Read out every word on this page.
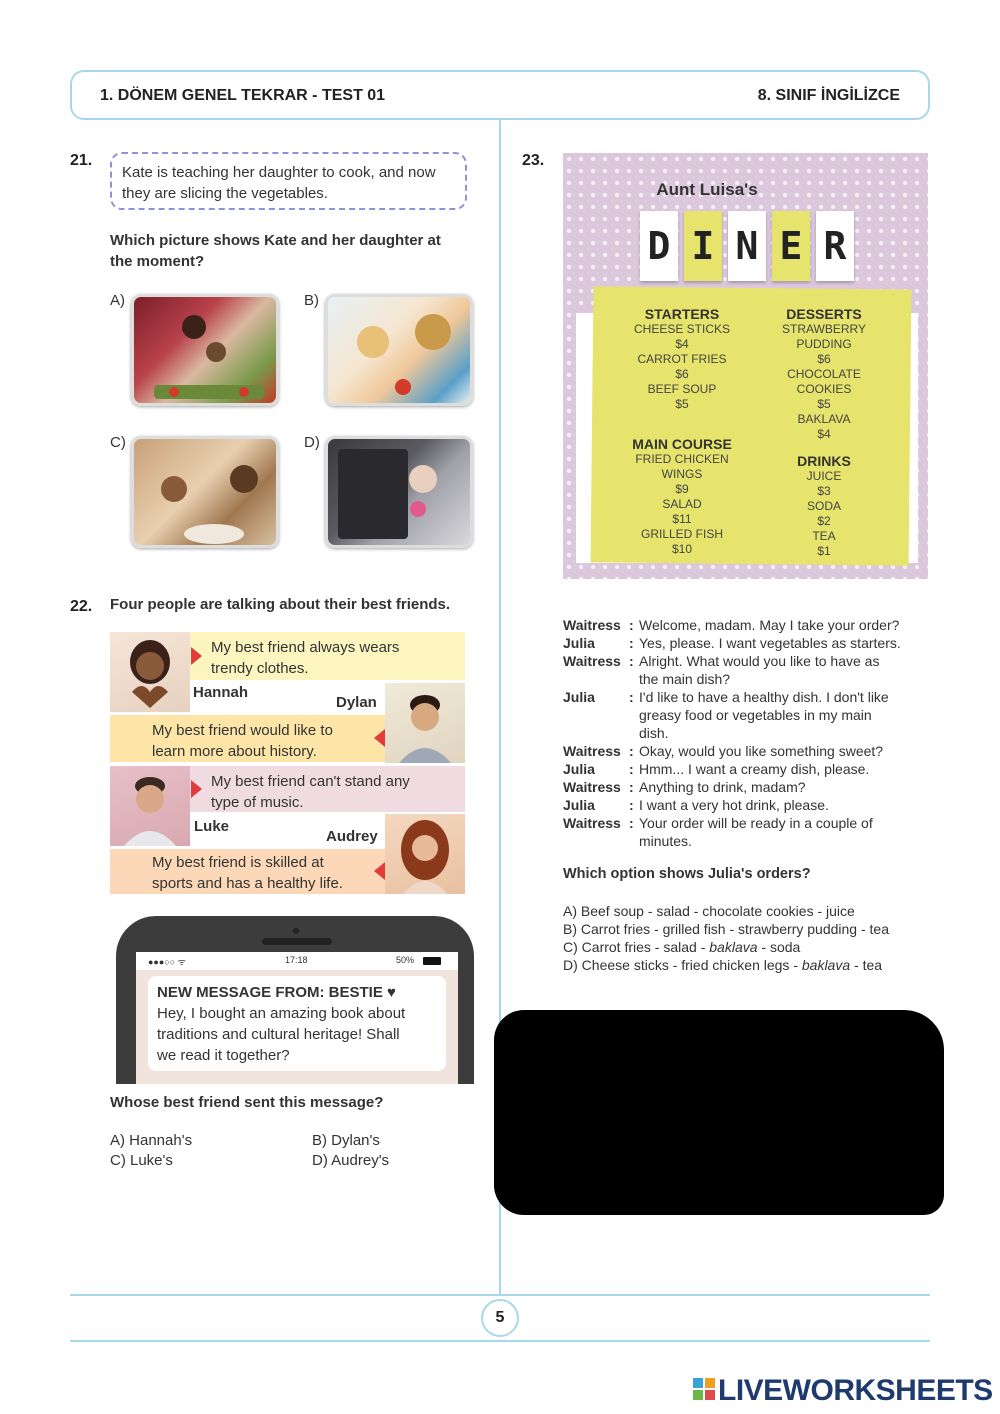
1. DÖNEM GENEL TEKRAR - TEST 01	8. SINIF İNGİLİZCE
21.
Kate is teaching her daughter to cook, and now
they are slicing the vegetables.
Which picture shows Kate and her daughter at
the moment?
A)	B)
C)	D)
22. Four people are talking about their best friends.
My best friend always wears
trendy clothes.
Hannah
Dylan
My best friend would like to
learn more about history.
My best friend can't stand any
type of music.
Luke
Audrey
My best friend is skilled at
sports and has a healthy life.
●●●○○ ᯤ	17:18	50%
NEW MESSAGE FROM: BESTIE ♥
Hey, I bought an amazing book about
traditions and cultural heritage! Shall
we read it together?
Whose best friend sent this message?
A) Hannah's	B) Dylan's
C) Luke's	D) Audrey's
23.
Aunt Luisa's
D I N E R
STARTERS
CHEESE STICKS
$4
CARROT FRIES
$6
BEEF SOUP
$5
MAIN COURSE
FRIED CHICKEN
WINGS
$9
SALAD
$11
GRILLED FISH
$10
DESSERTS
STRAWBERRY
PUDDING
$6
CHOCOLATE
COOKIES
$5
BAKLAVA
$4
DRINKS
JUICE
$3
SODA
$2
TEA
$1
Waitress : Welcome, madam. May I take your order?
Julia : Yes, please. I want vegetables as starters.
Waitress : Alright. What would you like to have as
the main dish?
Julia : I'd like to have a healthy dish. I don't like
greasy food or vegetables in my main
dish.
Waitress : Okay, would you like something sweet?
Julia : Hmm... I want a creamy dish, please.
Waitress : Anything to drink, madam?
Julia : I want a very hot drink, please.
Waitress : Your order will be ready in a couple of
minutes.
Which option shows Julia's orders?
A) Beef soup - salad - chocolate cookies - juice
B) Carrot fries - grilled fish - strawberry pudding - tea
C) Carrot fries - salad - baklava - soda
D) Cheese sticks - fried chicken legs - baklava - tea
5
LIVEWORKSHEETS
